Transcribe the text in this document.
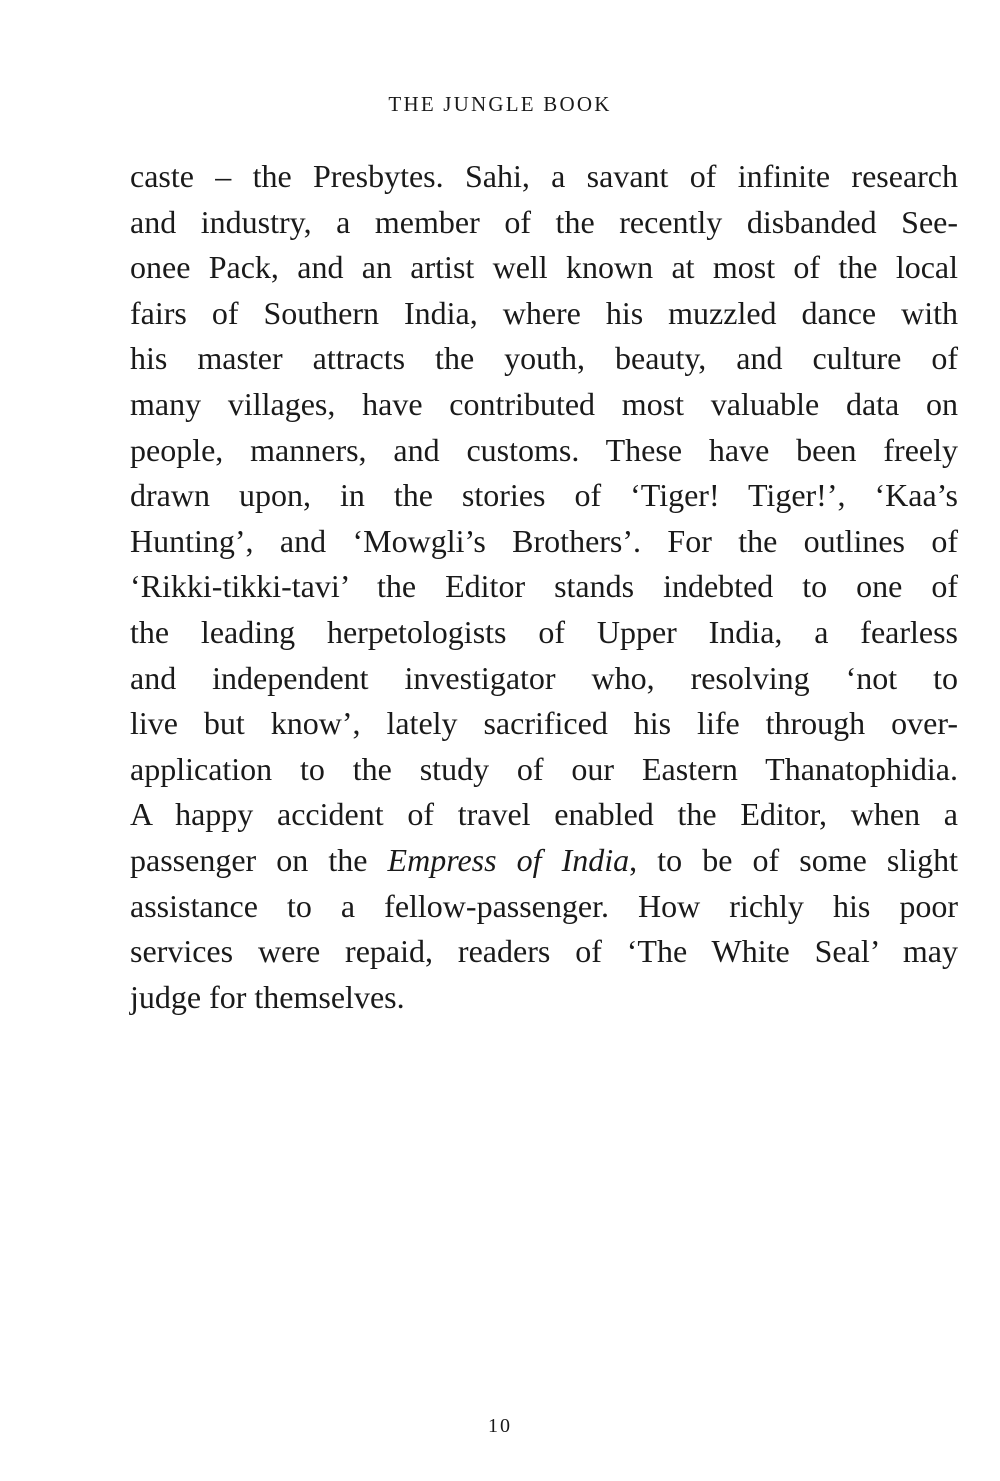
THE JUNGLE BOOK
caste – the Presbytes. Sahi, a savant of infinite research
and industry, a member of the recently disbanded See-
onee Pack, and an artist well known at most of the local
fairs of Southern India, where his muzzled dance with
his master attracts the youth, beauty, and culture of
many villages, have contributed most valuable data on
people, manners, and customs. These have been freely
drawn upon, in the stories of ‘Tiger! Tiger!’, ‘Kaa’s
Hunting’, and ‘Mowgli’s Brothers’. For the outlines of
‘Rikki-tikki-tavi’ the Editor stands indebted to one of
the leading herpetologists of Upper India, a fearless
and independent investigator who, resolving ‘not to
live but know’, lately sacrificed his life through over-
application to the study of our Eastern Thanatophidia.
A happy accident of travel enabled the Editor, when a
passenger on the Empress of India, to be of some slight
assistance to a fellow-passenger. How richly his poor
services were repaid, readers of ‘The White Seal’ may
judge for themselves.
10
